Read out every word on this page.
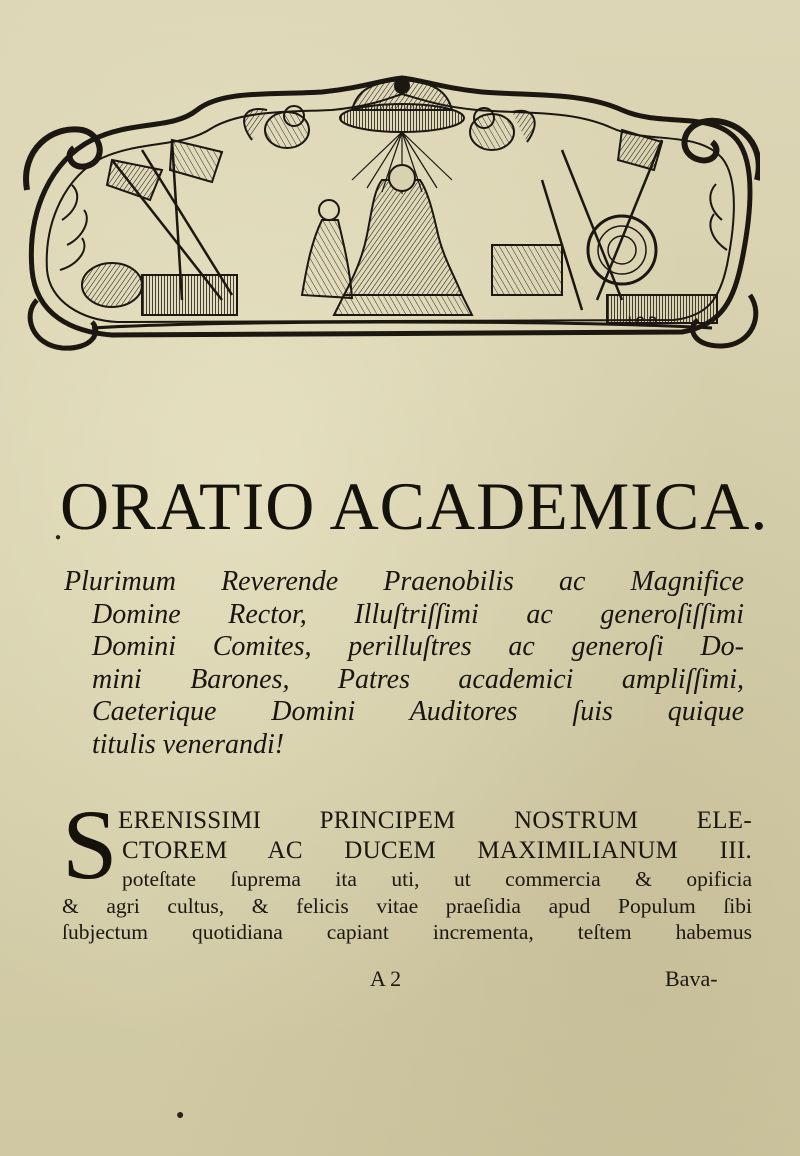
I.C.D
ORATIO ACADEMICA.
Plurimum Reverende Praenobilis ac Magnifice
Domine Rector, Illuſtriſſimi ac generoſiſſimi
Domini Comites, perilluſtres ac generoſi Do-
mini Barones, Patres academici ampliſſimi,
Caeterique Domini Auditores ſuis quique
titulis venerandi!
S ERENISSIMI PRINCIPEM NOSTRUM ELE-
CTOREM AC DUCEM MAXIMILIANUM III.
poteſtate ſuprema ita uti, ut commercia & opificia
& agri cultus, & felicis vitae praeſidia apud Populum ſibi
ſubjectum quotidiana capiant incrementa, teſtem habemus
A 2	Bava-
●
●
